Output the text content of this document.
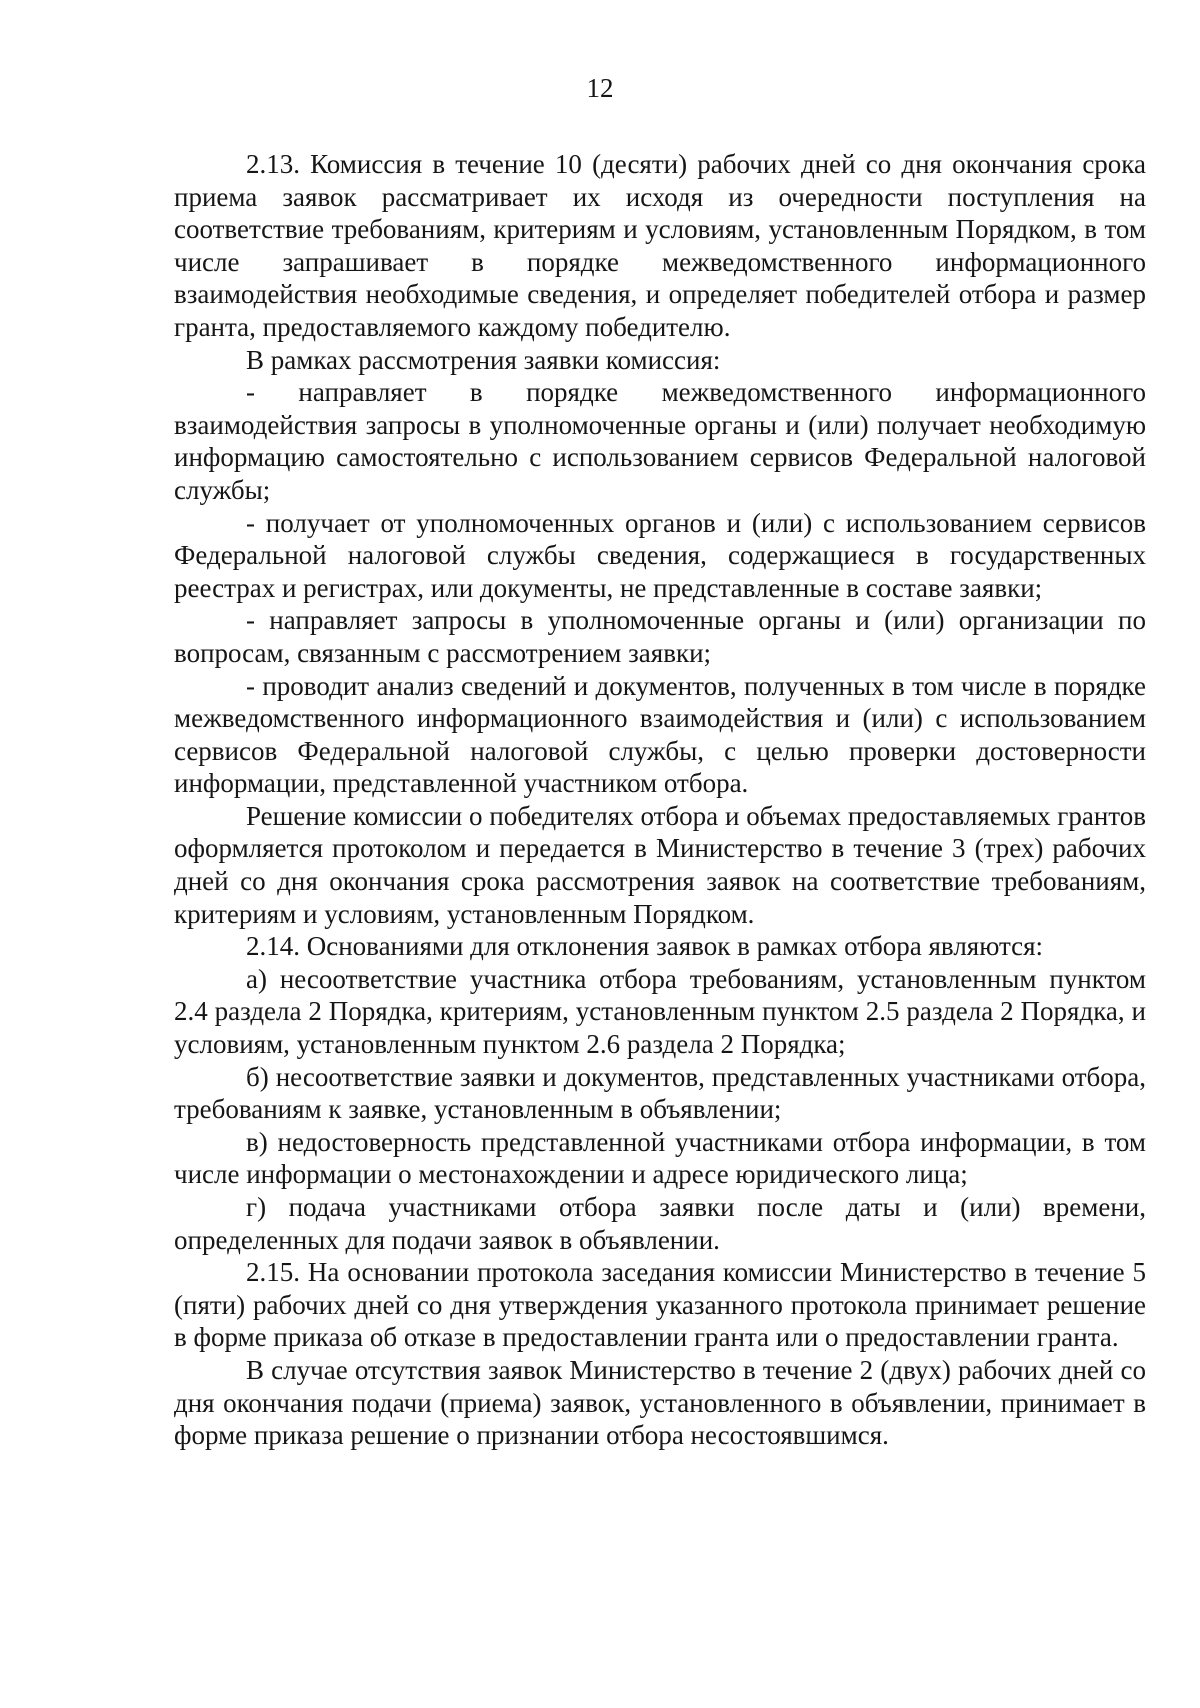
12

2.13. Комиссия в течение 10 (десяти) рабочих дней со дня окончания срока приема заявок рассматривает их исходя из очередности поступления на соответствие требованиям, критериям и условиям, установленным Порядком, в том числе запрашивает в порядке межведомственного информационного взаимодействия необходимые сведения, и определяет победителей отбора и размер гранта, предоставляемого каждому победителю.

В рамках рассмотрения заявки комиссия:

- направляет в порядке межведомственного информационного взаимодействия запросы в уполномоченные органы и (или) получает необходимую информацию самостоятельно с использованием сервисов Федеральной налоговой службы;

- получает от уполномоченных органов и (или) с использованием сервисов Федеральной налоговой службы сведения, содержащиеся в государственных реестрах и регистрах, или документы, не представленные в составе заявки;

- направляет запросы в уполномоченные органы и (или) организации по вопросам, связанным с рассмотрением заявки;

- проводит анализ сведений и документов, полученных в том числе в порядке межведомственного информационного взаимодействия и (или) с использованием сервисов Федеральной налоговой службы, с целью проверки достоверности информации, представленной участником отбора.

Решение комиссии о победителях отбора и объемах предоставляемых грантов оформляется протоколом и передается в Министерство в течение 3 (трех) рабочих дней со дня окончания срока рассмотрения заявок на соответствие требованиям, критериям и условиям, установленным Порядком.

2.14. Основаниями для отклонения заявок в рамках отбора являются:

а) несоответствие участника отбора требованиям, установленным пунктом 2.4 раздела 2 Порядка, критериям, установленным пунктом 2.5 раздела 2 Порядка, и условиям, установленным пунктом 2.6 раздела 2 Порядка;

б) несоответствие заявки и документов, представленных участниками отбора, требованиям к заявке, установленным в объявлении;

в) недостоверность представленной участниками отбора информации, в том числе информации о местонахождении и адресе юридического лица;

г) подача участниками отбора заявки после даты и (или) времени, определенных для подачи заявок в объявлении.

2.15. На основании протокола заседания комиссии Министерство в течение 5 (пяти) рабочих дней со дня утверждения указанного протокола принимает решение в форме приказа об отказе в предоставлении гранта или о предоставлении гранта.

В случае отсутствия заявок Министерство в течение 2 (двух) рабочих дней со дня окончания подачи (приема) заявок, установленного в объявлении, принимает в форме приказа решение о признании отбора несостоявшимся.
